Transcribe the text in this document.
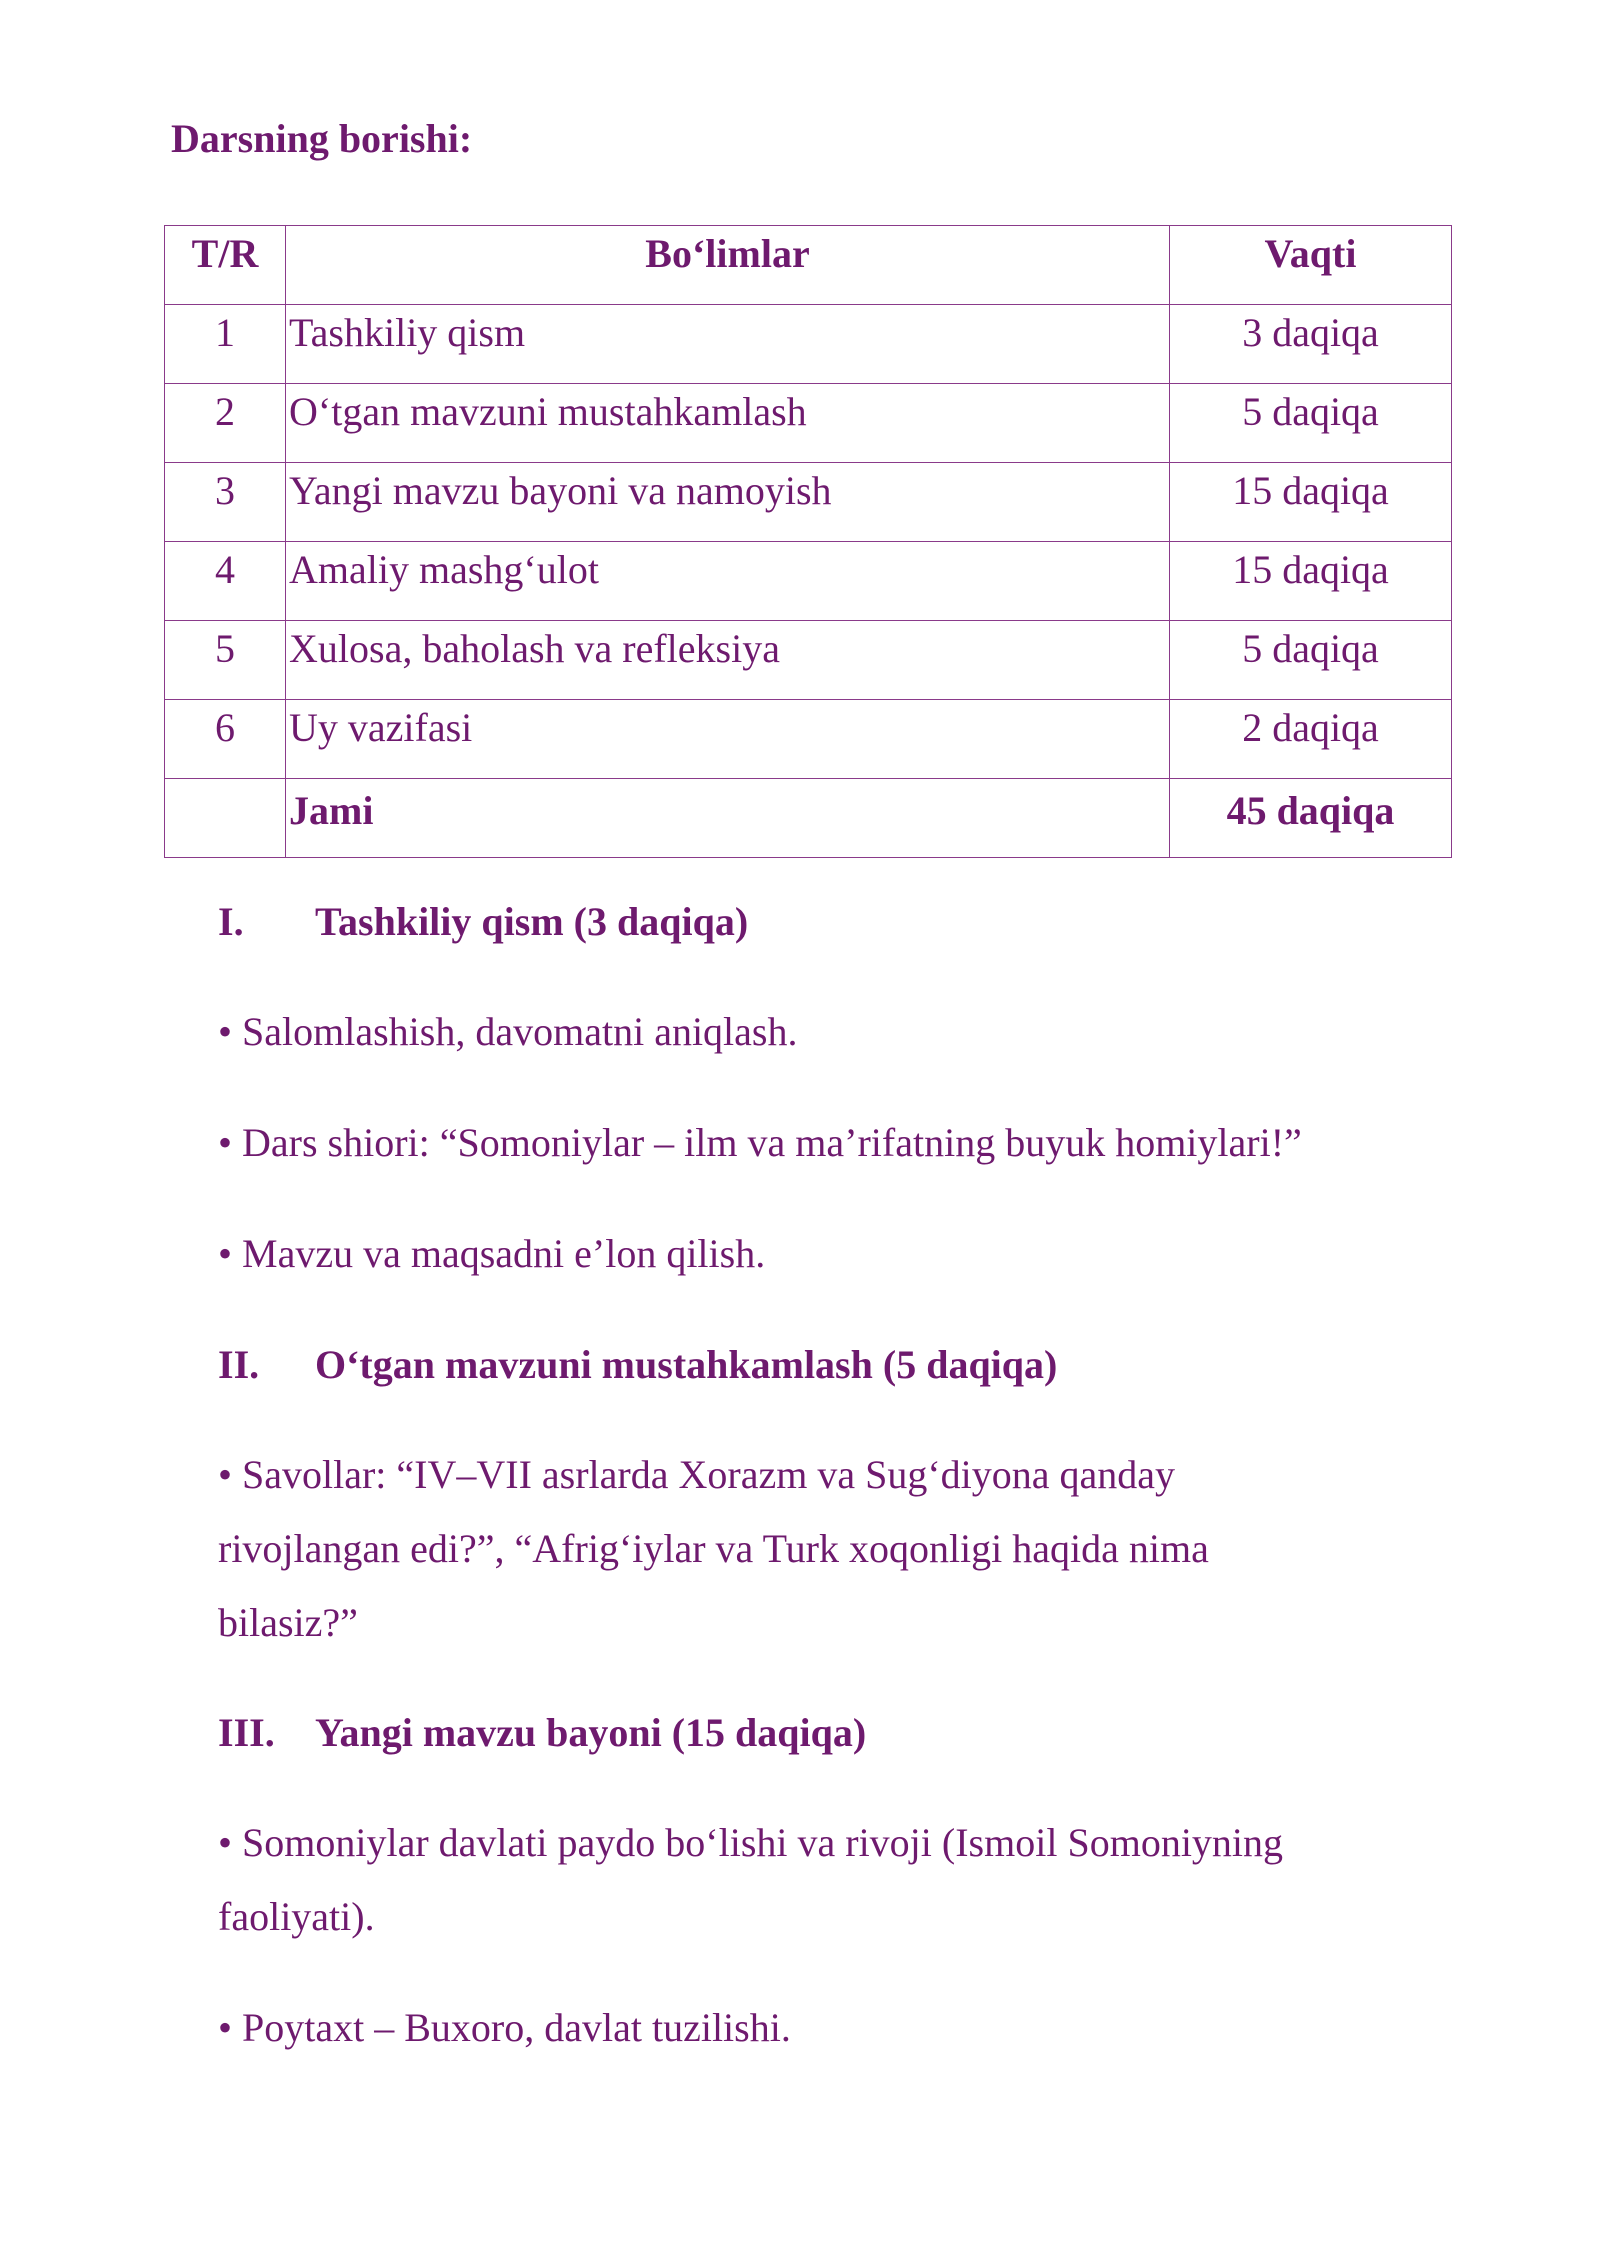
Darsning borishi:
T/R	Bo‘limlar	Vaqti
1	Tashkiliy qism	3 daqiqa
2	O‘tgan mavzuni mustahkamlash	5 daqiqa
3	Yangi mavzu bayoni va namoyish	15 daqiqa
4	Amaliy mashg‘ulot	15 daqiqa
5	Xulosa, baholash va refleksiya	5 daqiqa
6	Uy vazifasi	2 daqiqa
	Jami	45 daqiqa
I. Tashkiliy qism (3 daqiqa)

• Salomlashish, davomatni aniqlash.

• Dars shiori: “Somoniylar – ilm va ma’rifatning buyuk homiylari!”

• Mavzu va maqsadni e’lon qilish.

II. O‘tgan mavzuni mustahkamlash (5 daqiqa)

• Savollar: “IV–VII asrlarda Xorazm va Sug‘diyona qanday rivojlangan edi?”, “Afrig‘iylar va Turk xoqonligi haqida nima bilasiz?”

III. Yangi mavzu bayoni (15 daqiqa)

• Somoniylar davlati paydo bo‘lishi va rivoji (Ismoil Somoniyning faoliyati).

• Poytaxt – Buxoro, davlat tuzilishi.
